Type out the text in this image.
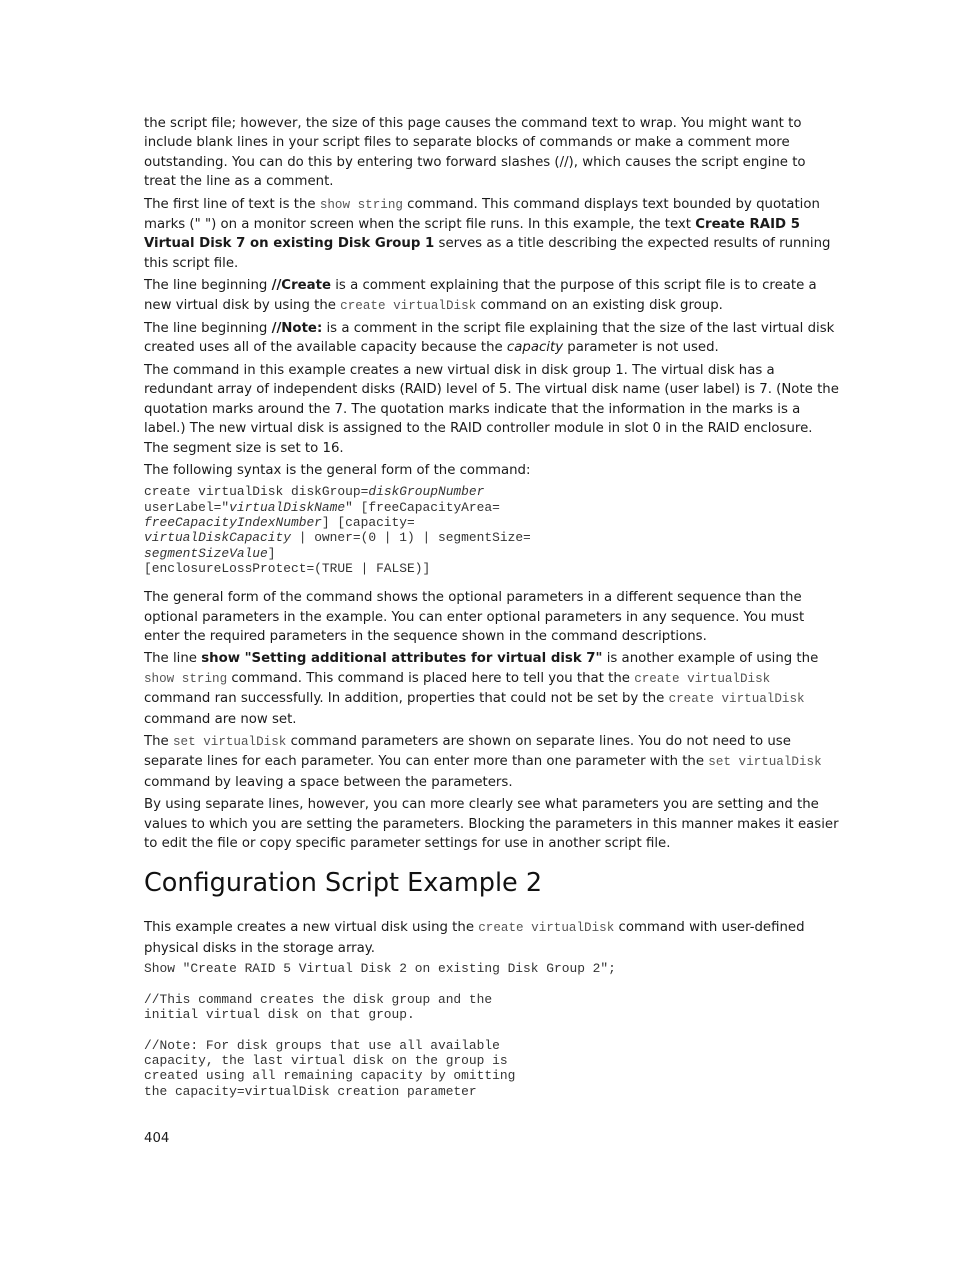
the script file; however, the size of this page causes the command text to wrap. You might want to include blank lines in your script files to separate blocks of commands or make a comment more outstanding. You can do this by entering two forward slashes (//), which causes the script engine to treat the line as a comment.

The first line of text is the show string command. This command displays text bounded by quotation marks (" ") on a monitor screen when the script file runs. In this example, the text Create RAID 5 Virtual Disk 7 on existing Disk Group 1 serves as a title describing the expected results of running this script file.

The line beginning //Create is a comment explaining that the purpose of this script file is to create a new virtual disk by using the create virtualDisk command on an existing disk group.

The line beginning //Note: is a comment in the script file explaining that the size of the last virtual disk created uses all of the available capacity because the capacity parameter is not used.

The command in this example creates a new virtual disk in disk group 1. The virtual disk has a redundant array of independent disks (RAID) level of 5. The virtual disk name (user label) is 7. (Note the quotation marks around the 7. The quotation marks indicate that the information in the marks is a label.) The new virtual disk is assigned to the RAID controller module in slot 0 in the RAID enclosure. The segment size is set to 16.

The following syntax is the general form of the command:

create virtualDisk diskGroup=diskGroupNumber
userLabel="virtualDiskName" [freeCapacityArea=
freeCapacityIndexNumber] [capacity=
virtualDiskCapacity | owner=(0 | 1) | segmentSize=
segmentSizeValue]
[enclosureLossProtect=(TRUE | FALSE)]

The general form of the command shows the optional parameters in a different sequence than the optional parameters in the example. You can enter optional parameters in any sequence. You must enter the required parameters in the sequence shown in the command descriptions.

The line show "Setting additional attributes for virtual disk 7" is another example of using the show string command. This command is placed here to tell you that the create virtualDisk command ran successfully. In addition, properties that could not be set by the create virtualDisk command are now set.

The set virtualDisk command parameters are shown on separate lines. You do not need to use separate lines for each parameter. You can enter more than one parameter with the set virtualDisk command by leaving a space between the parameters.

By using separate lines, however, you can more clearly see what parameters you are setting and the values to which you are setting the parameters. Blocking the parameters in this manner makes it easier to edit the file or copy specific parameter settings for use in another script file.

Configuration Script Example 2

This example creates a new virtual disk using the create virtualDisk command with user-defined physical disks in the storage array.

Show "Create RAID 5 Virtual Disk 2 on existing Disk Group 2";

//This command creates the disk group and the
initial virtual disk on that group.

//Note: For disk groups that use all available
capacity, the last virtual disk on the group is
created using all remaining capacity by omitting
the capacity=virtualDisk creation parameter
404
